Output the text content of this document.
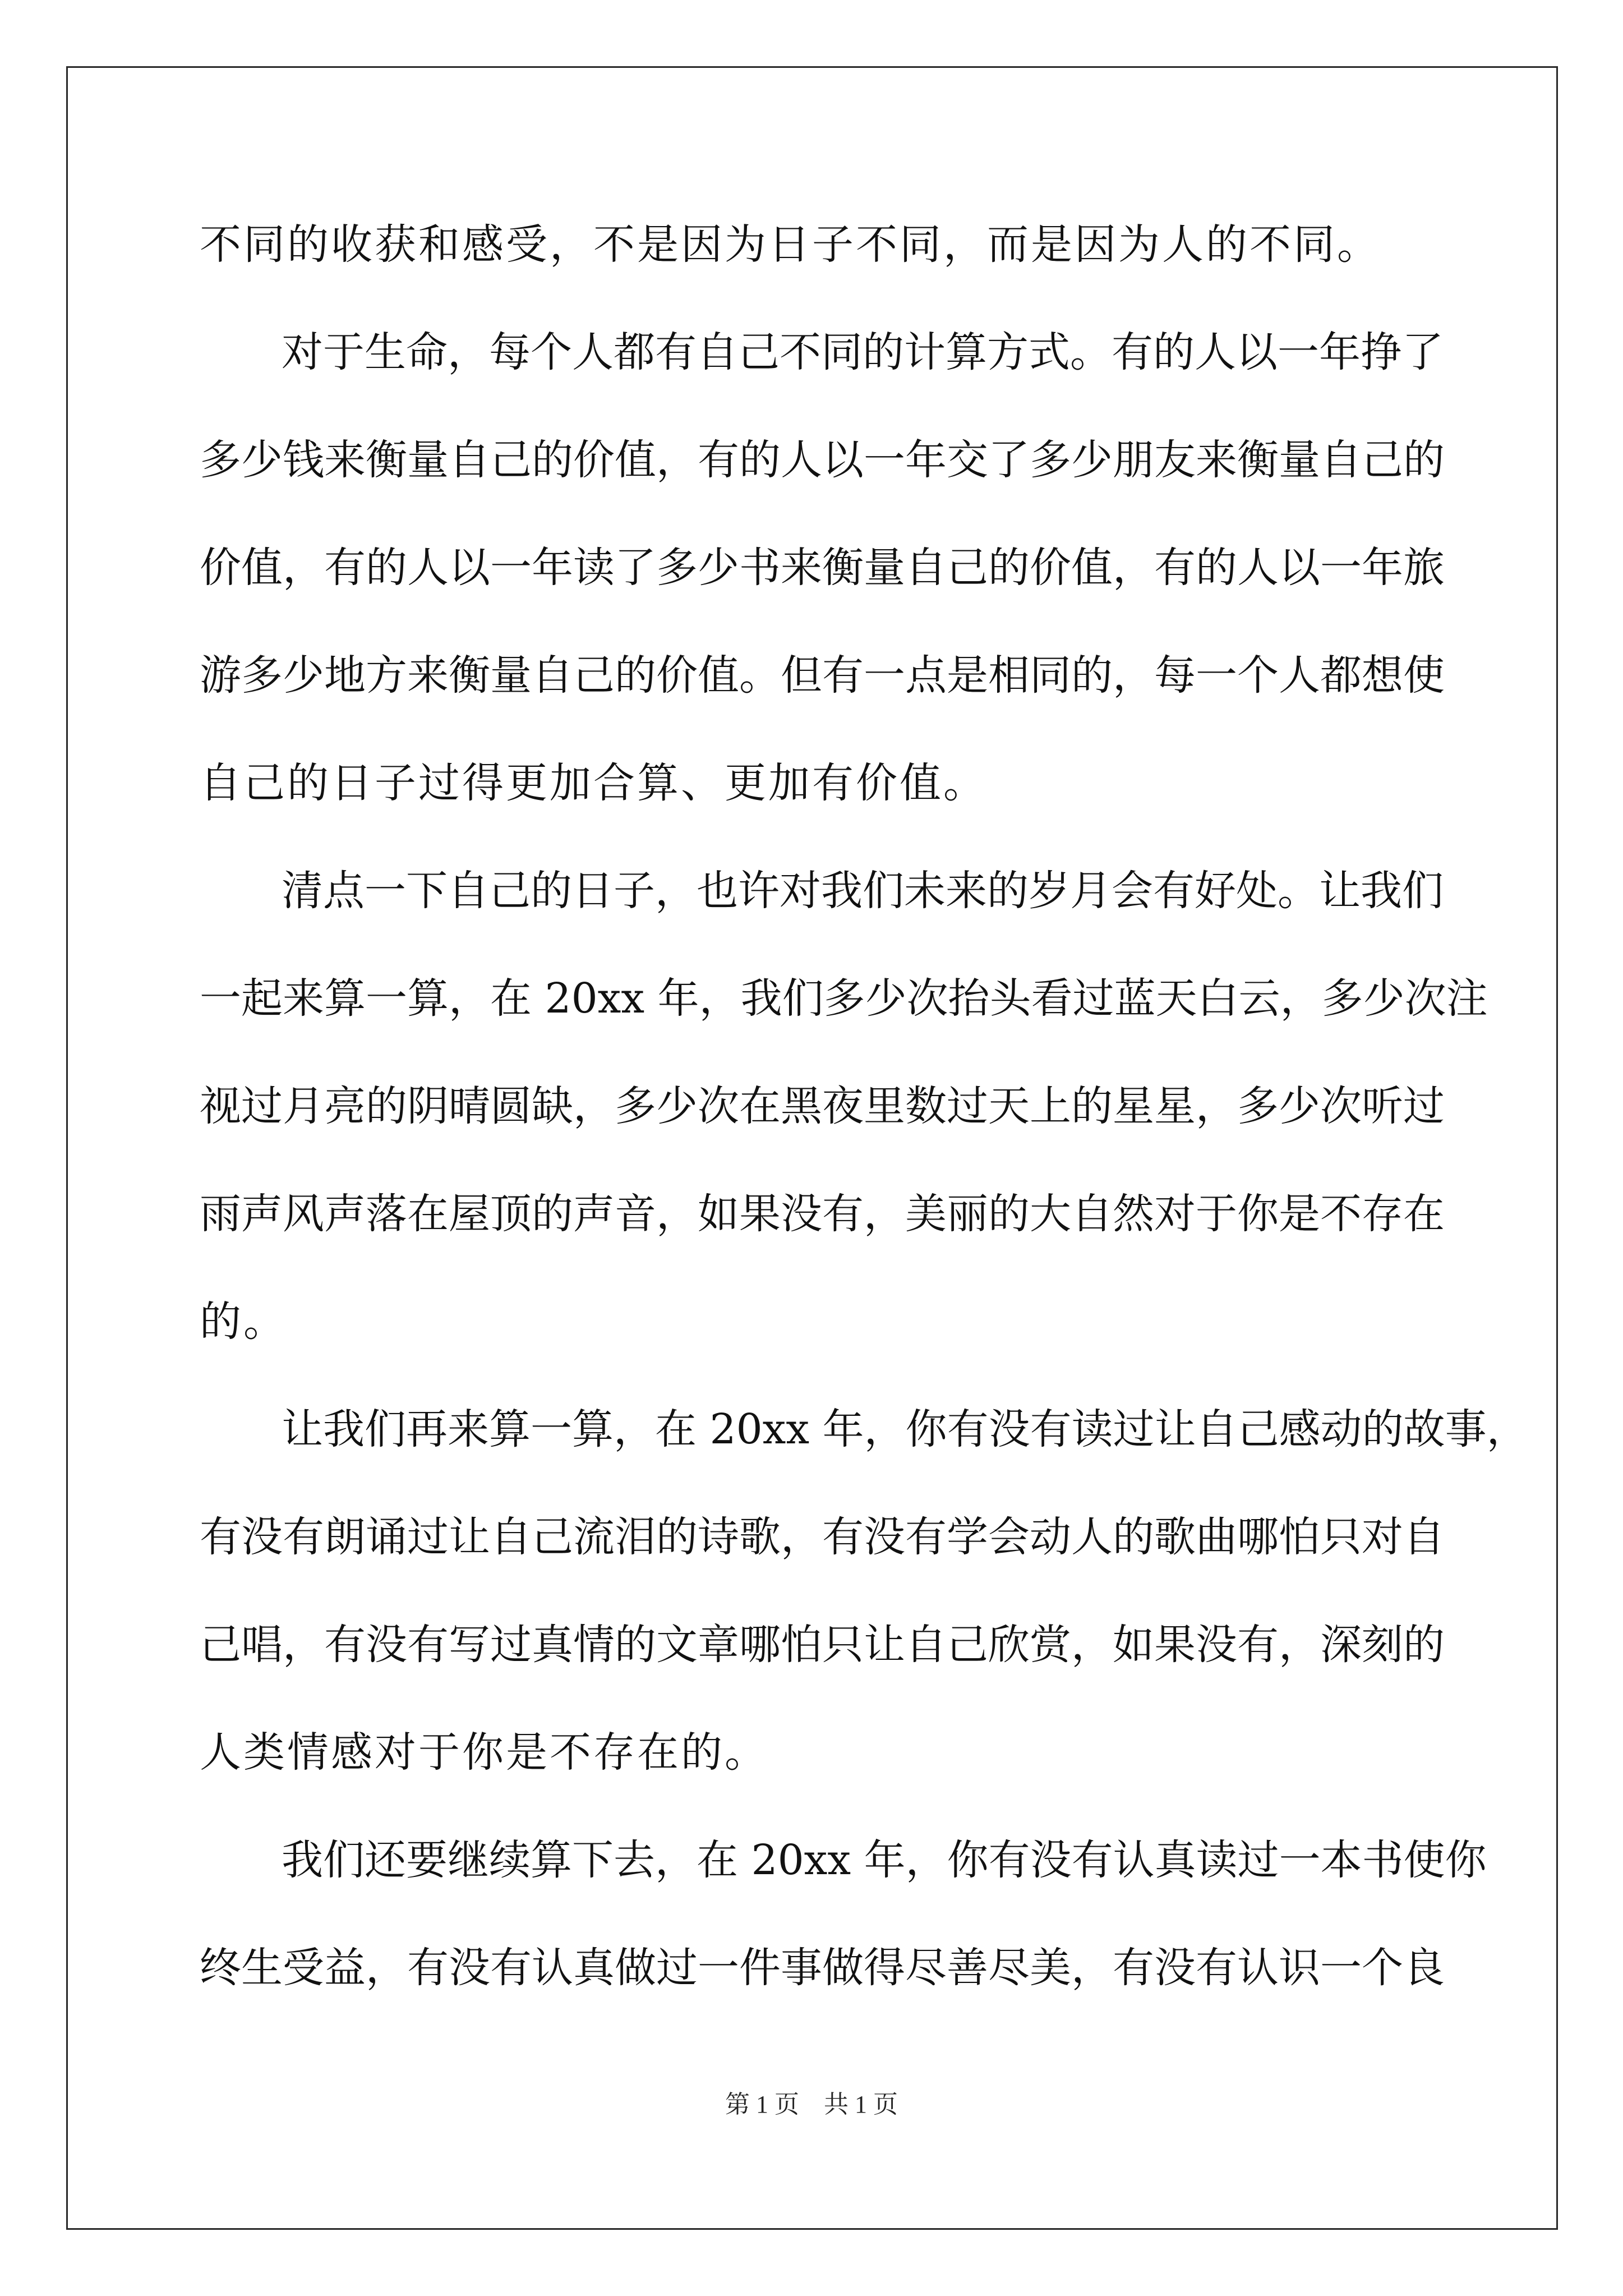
不同的收获和感受，不是因为日子不同，而是因为人的不同。
对于生命，每个人都有自己不同的计算方式。有的人以一年挣了
多少钱来衡量自己的价值，有的人以一年交了多少朋友来衡量自己的
价值，有的人以一年读了多少书来衡量自己的价值，有的人以一年旅
游多少地方来衡量自己的价值。但有一点是相同的，每一个人都想使
自己的日子过得更加合算、更加有价值。
清点一下自己的日子，也许对我们未来的岁月会有好处。让我们
一起来算一算，在 20xx 年，我们多少次抬头看过蓝天白云，多少次注
视过月亮的阴晴圆缺，多少次在黑夜里数过天上的星星，多少次听过
雨声风声落在屋顶的声音，如果没有，美丽的大自然对于你是不存在
的。
让我们再来算一算，在 20xx 年，你有没有读过让自己感动的故事，
有没有朗诵过让自己流泪的诗歌，有没有学会动人的歌曲哪怕只对自
己唱，有没有写过真情的文章哪怕只让自己欣赏，如果没有，深刻的
人类情感对于你是不存在的。
我们还要继续算下去，在 20xx 年，你有没有认真读过一本书使你
终生受益，有没有认真做过一件事做得尽善尽美，有没有认识一个良
第 1 页　共 1 页
